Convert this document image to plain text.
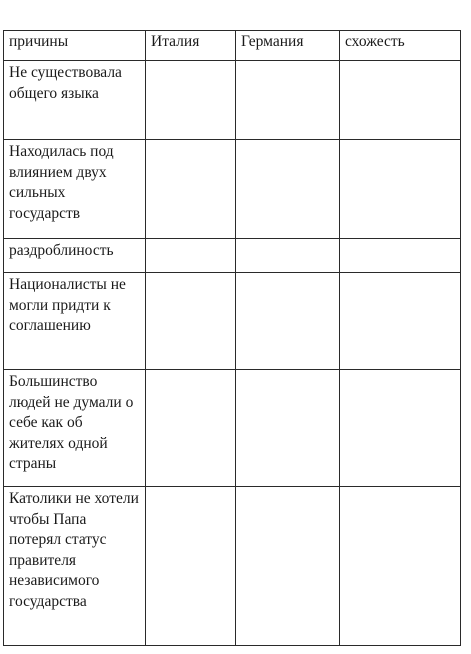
причины	Италия	Германия	схожесть
Не существовала общего языка			
Находилась под влиянием двух сильных государств			
раздроблиность			
Националисты не могли придти к соглашению			
Большинство людей не думали о себе как об жителях одной страны			
Католики не хотели чтобы Папа потерял статус правителя независимого государства			
